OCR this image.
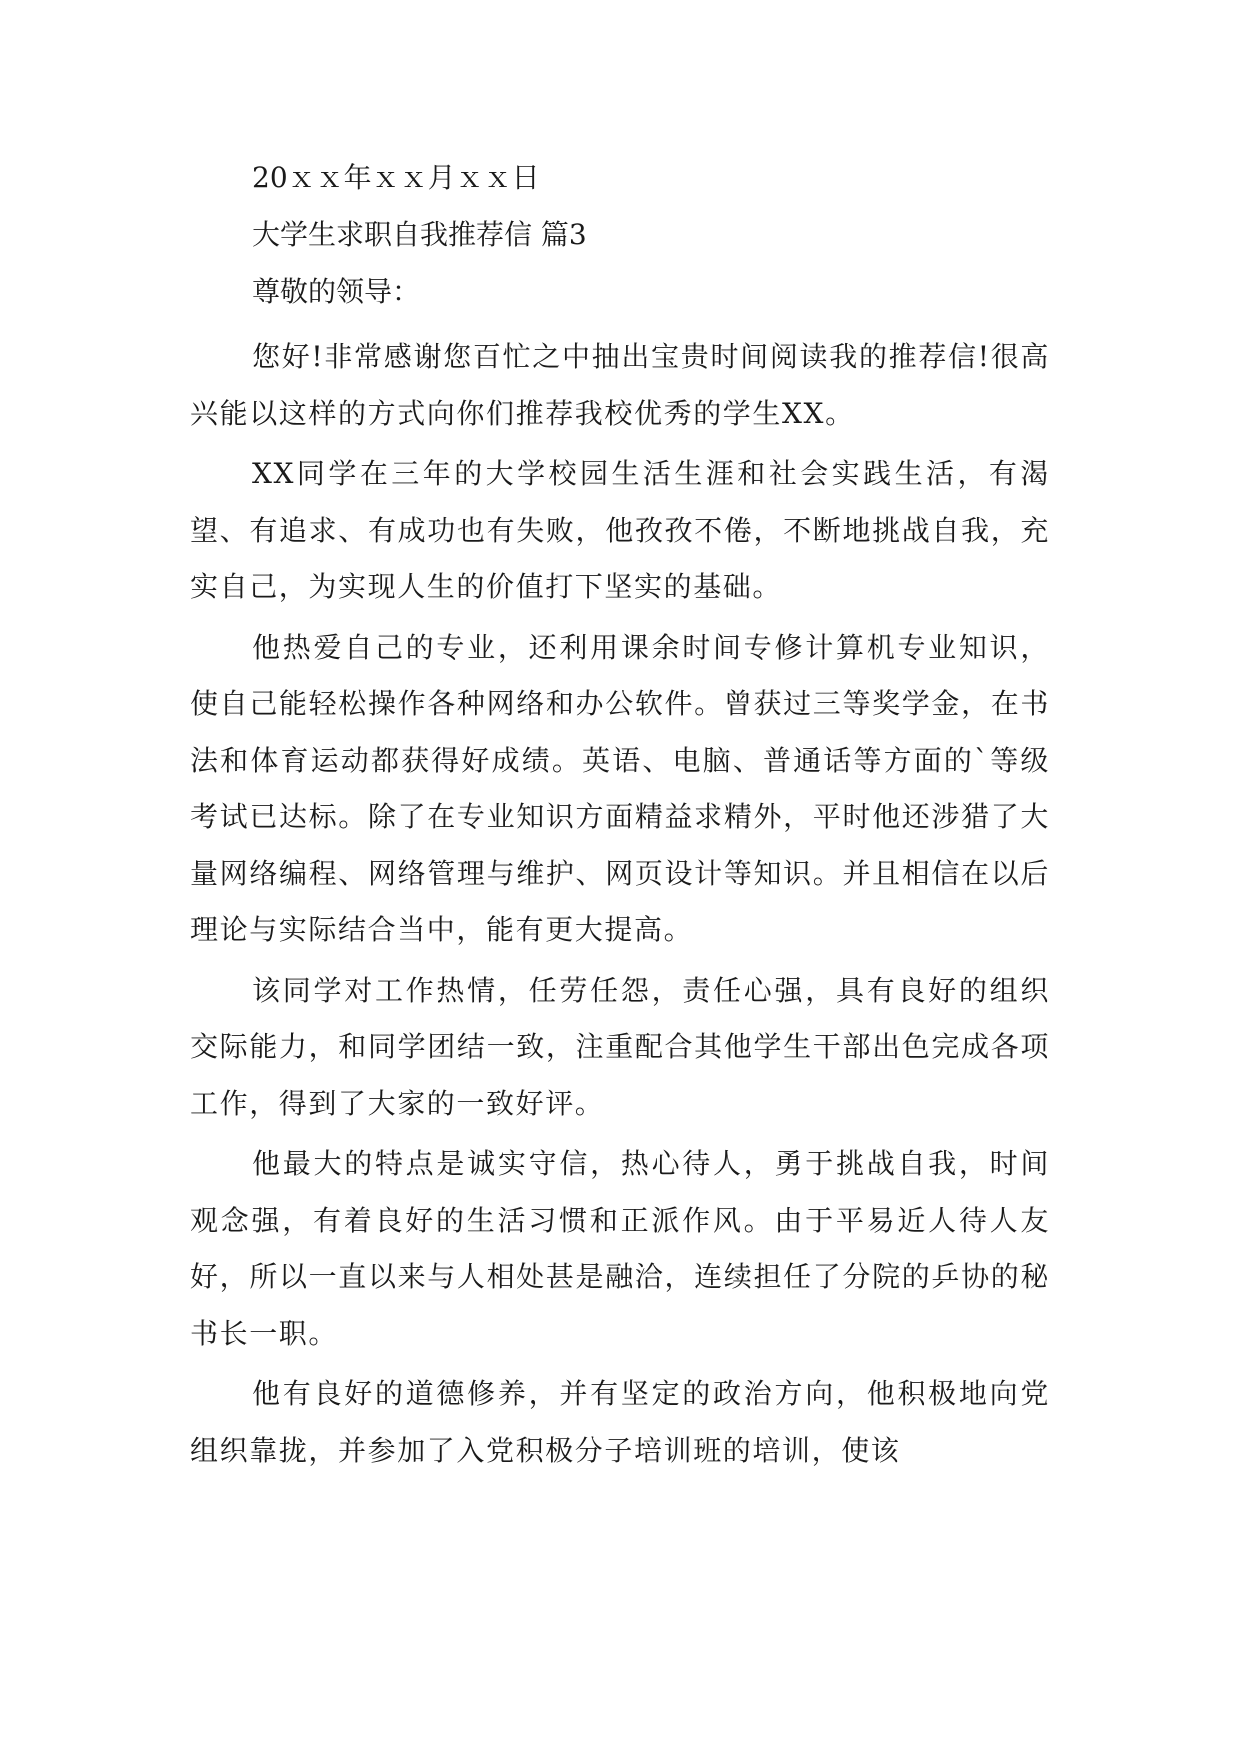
20ｘｘ年ｘｘ月ｘｘ日
大学生求职自我推荐信 篇3
尊敬的领导：

您好!非常感谢您百忙之中抽出宝贵时间阅读我的推荐信!很高兴能以这样的方式向你们推荐我校优秀的学生XX。

XX同学在三年的大学校园生活生涯和社会实践生活，有渴望、有追求、有成功也有失败，他孜孜不倦，不断地挑战自我，充实自己，为实现人生的价值打下坚实的基础。

他热爱自己的专业，还利用课余时间专修计算机专业知识，使自己能轻松操作各种网络和办公软件。曾获过三等奖学金，在书法和体育运动都获得好成绩。英语、电脑、普通话等方面的`等级考试已达标。除了在专业知识方面精益求精外，平时他还涉猎了大量网络编程、网络管理与维护、网页设计等知识。并且相信在以后理论与实际结合当中，能有更大提高。

该同学对工作热情，任劳任怨，责任心强，具有良好的组织交际能力，和同学团结一致，注重配合其他学生干部出色完成各项工作，得到了大家的一致好评。

他最大的特点是诚实守信，热心待人，勇于挑战自我，时间观念强，有着良好的生活习惯和正派作风。由于平易近人待人友好，所以一直以来与人相处甚是融洽，连续担任了分院的乒协的秘书长一职。

他有良好的道德修养，并有坚定的政治方向，他积极地向党组织靠拢，并参加了入党积极分子培训班的培训，使该
